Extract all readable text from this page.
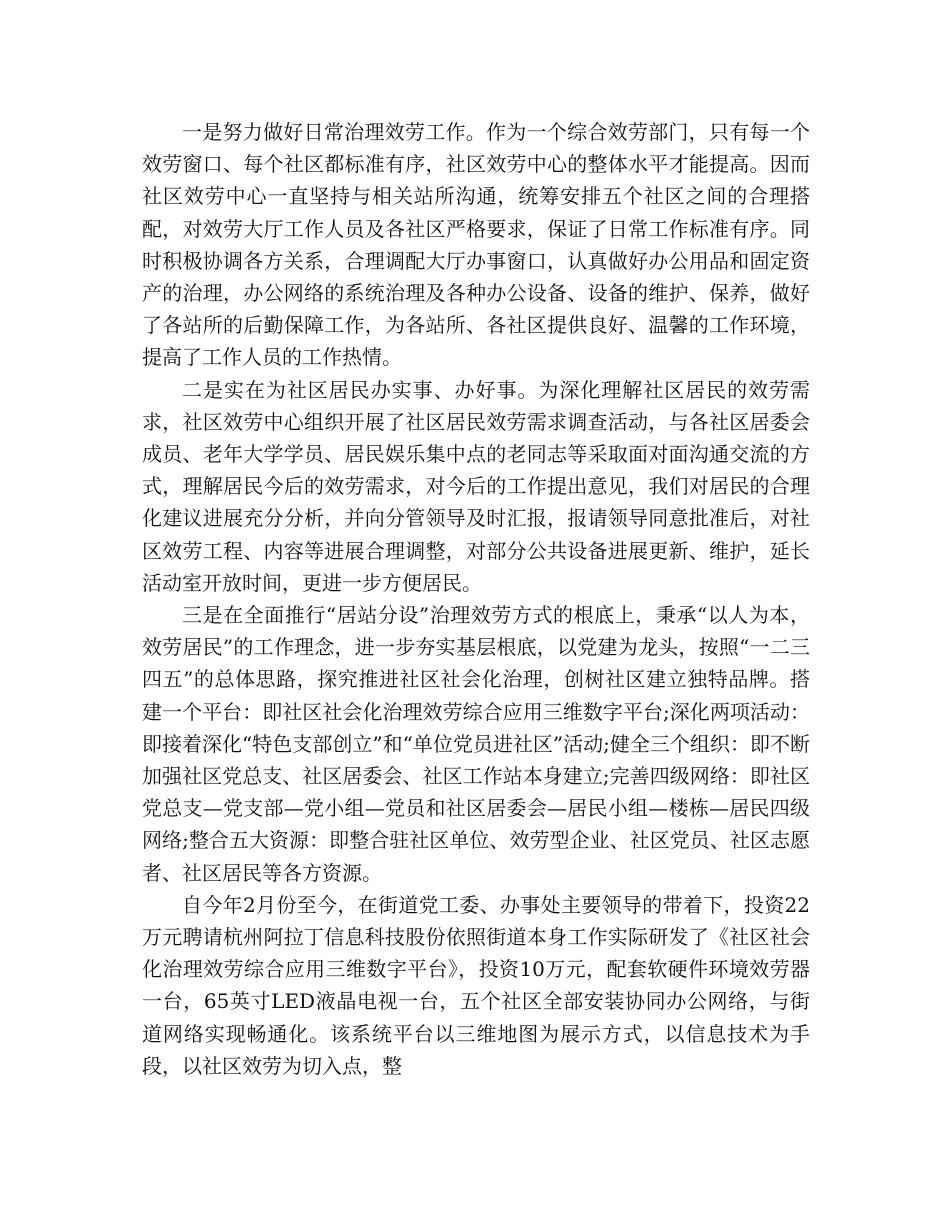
一是努力做好日常治理效劳工作。作为一个综合效劳部门，只有每一个效劳窗口、每个社区都标准有序，社区效劳中心的整体水平才能提高。因而社区效劳中心一直坚持与相关站所沟通，统筹安排五个社区之间的合理搭配，对效劳大厅工作人员及各社区严格要求，保证了日常工作标准有序。同时积极协调各方关系，合理调配大厅办事窗口，认真做好办公用品和固定资产的治理，办公网络的系统治理及各种办公设备、设备的维护、保养，做好了各站所的后勤保障工作，为各站所、各社区提供良好、温馨的工作环境，提高了工作人员的工作热情。

二是实在为社区居民办实事、办好事。为深化理解社区居民的效劳需求，社区效劳中心组织开展了社区居民效劳需求调查活动，与各社区居委会成员、老年大学学员、居民娱乐集中点的老同志等采取面对面沟通交流的方式，理解居民今后的效劳需求，对今后的工作提出意见，我们对居民的合理化建议进展充分分析，并向分管领导及时汇报，报请领导同意批准后，对社区效劳工程、内容等进展合理调整，对部分公共设备进展更新、维护，延长活动室开放时间，更进一步方便居民。

三是在全面推行“居站分设”治理效劳方式的根底上，秉承“以人为本，效劳居民”的工作理念，进一步夯实基层根底，以党建为龙头，按照“一二三四五”的总体思路，探究推进社区社会化治理，创树社区建立独特品牌。搭建一个平台：即社区社会化治理效劳综合应用三维数字平台;深化两项活动：即接着深化“特色支部创立”和“单位党员进社区”活动;健全三个组织：即不断加强社区党总支、社区居委会、社区工作站本身建立;完善四级网络：即社区党总支—党支部—党小组—党员和社区居委会—居民小组—楼栋—居民四级网络;整合五大资源：即整合驻社区单位、效劳型企业、社区党员、社区志愿者、社区居民等各方资源。

自今年2月份至今，在街道党工委、办事处主要领导的带着下，投资22万元聘请杭州阿拉丁信息科技股份依照街道本身工作实际研发了《社区社会化治理效劳综合应用三维数字平台》，投资10万元，配套软硬件环境效劳器一台，65英寸LED液晶电视一台，五个社区全部安装协同办公网络，与街道网络实现畅通化。该系统平台以三维地图为展示方式，以信息技术为手段，以社区效劳为切入点，整
